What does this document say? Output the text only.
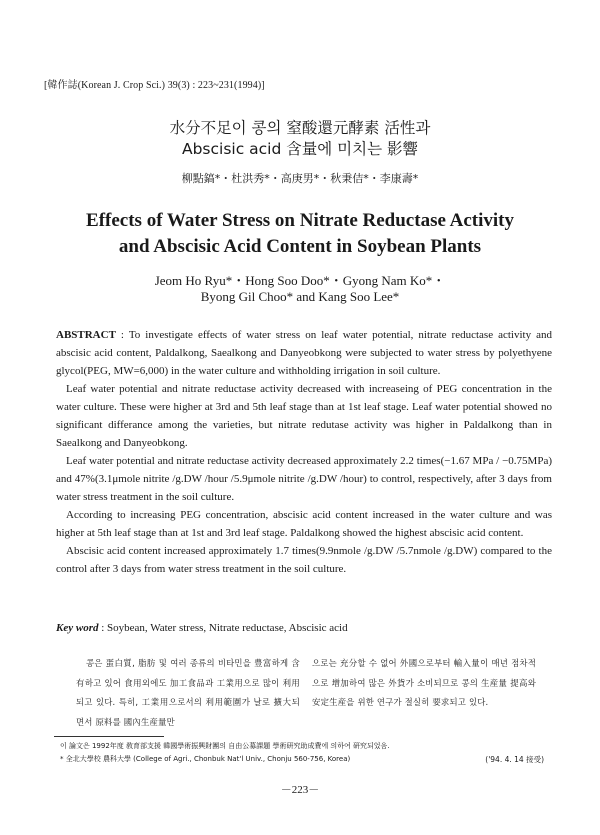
[韓作誌(Korean J. Crop Sci.) 39(3) : 223~231(1994)]
水分不足이 콩의 窒酸還元酵素 活性과
Abscisic acid 含量에 미치는 影響
柳點鎬*・杜洪秀*・高庚男*・秋秉佶*・李康壽*
Effects of Water Stress on Nitrate Reductase Activity
and Abscisic Acid Content in Soybean Plants
Jeom Ho Ryu*・Hong Soo Doo*・Gyong Nam Ko*・
Byong Gil Choo* and Kang Soo Lee*

ABSTRACT : To investigate effects of water stress on leaf water potential, nitrate reductase activity and abscisic acid content, Paldalkong, Saealkong and Danyeobkong were subjected to water stress by polyethyene glycol(PEG, MW=6,000) in the water culture and withholding irrigation in soil culture.

Leaf water potential and nitrate reductase activity decreased with increaseing of PEG concentration in the water culture. These were higher at 3rd and 5th leaf stage than at 1st leaf stage. Leaf water potential showed no significant differance among the varieties, but nitrate redutase activity was higher in Paldalkong than in Saealkong and Danyeobkong.

Leaf water potential and nitrate reductase activity decreased approximately 2.2 times(−1.67 MPa / −0.75MPa) and 47%(3.1μmole nitrite /g.DW /hour /5.9μmole nitrite /g.DW /hour) to control, respectively, after 3 days from water stress treatment in the soil culture.

According to increasing PEG concentration, abscisic acid content increased in the water culture and was higher at 5th leaf stage than at 1st and 3rd leaf stage. Paldalkong showed the highest abscisic acid content.

Abscisic acid content increased approximately 1.7 times(9.9nmole /g.DW /5.7nmole /g.DW) compared to the control after 3 days from water stress treatment in the soil culture.

Key word : Soybean, Water stress, Nitrate reductase, Abscisic acid

콩은 蛋白質, 脂肪 및 여러 종류의 비타민을 豊富하게 含有하고 있어 食用외에도 加工食品과 工業用으로 많이 利用되고 있다. 특히, 工業用으로서의 利用範圍가 날로 擴大되면서 原料를 國內生産量만

으로는 充分할 수 없어 外國으로부터 輸入量이 매년 점차적으로 增加하여 많은 外貨가 소비되므로 콩의 生産量 提高와 安定生産을 위한 연구가 절실히 要求되고 있다.

이 論文은 1992年度 敎育部支援 韓國學術振興財團의 自由公募課題 學術硏究助成費에 의하여 硏究되었음.
* 全北大學校 農科大學 (College of Agri., Chonbuk Nat'l Univ., Chonju 560-756, Korea)	('94. 4. 14 接受)
－223－
